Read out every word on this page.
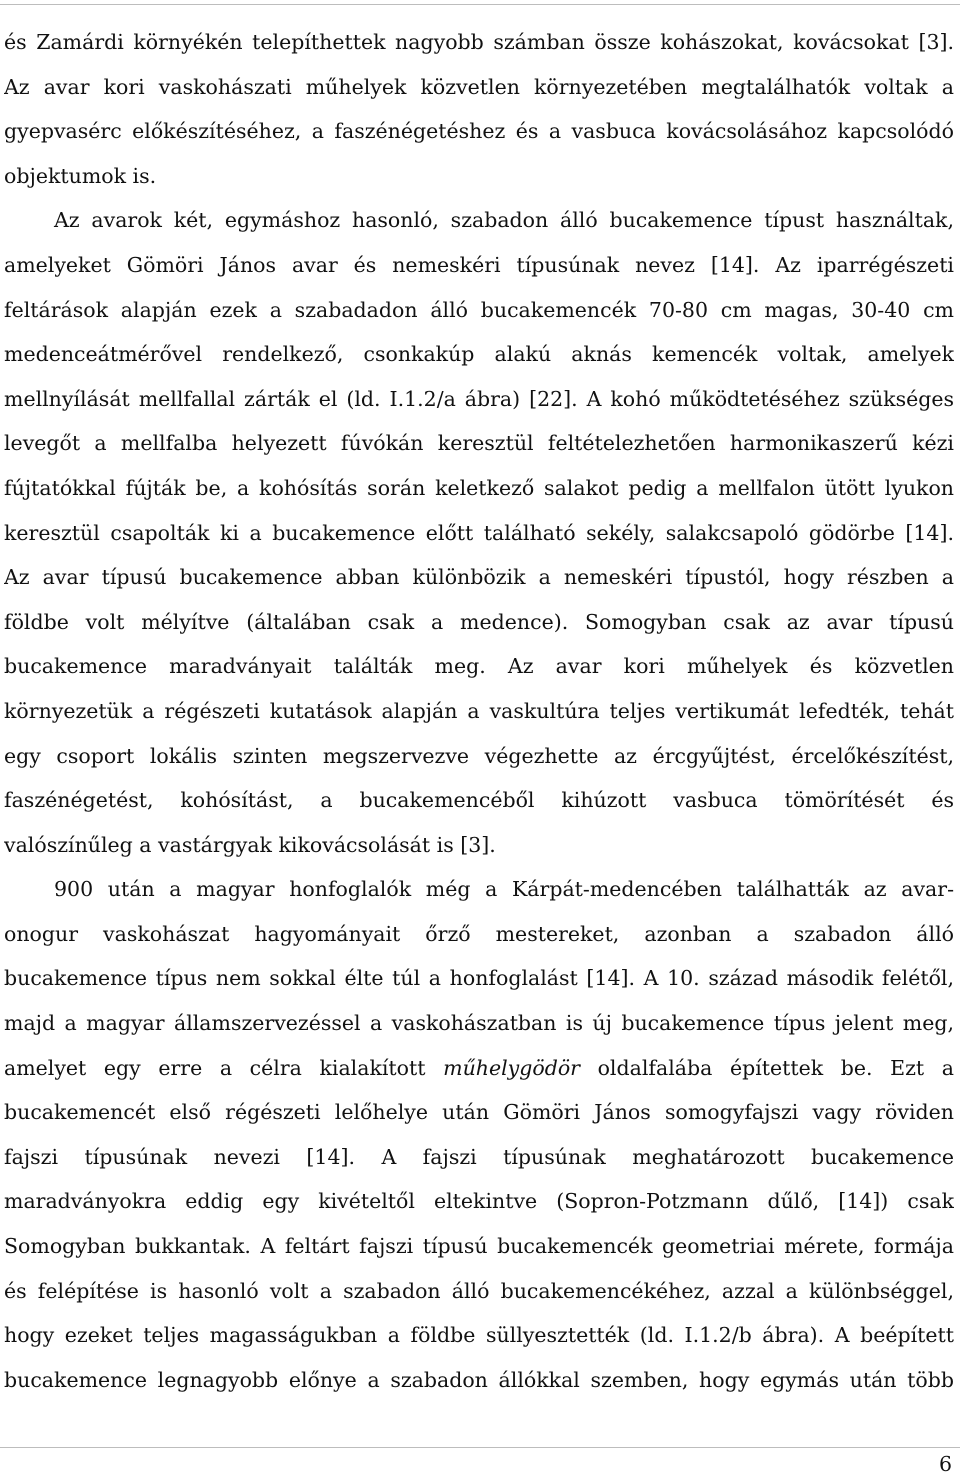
és Zamárdi környékén telepíthettek nagyobb számban össze kohászokat, kovácsokat [3].
Az avar kori vaskohászati műhelyek közvetlen környezetében megtalálhatók voltak a
gyepvasérc előkészítéséhez, a faszénégetéshez és a vasbuca kovácsolásához kapcsolódó
objektumok is.
Az avarok két, egymáshoz hasonló, szabadon álló bucakemence típust használtak,
amelyeket Gömöri János avar és nemeskéri típusúnak nevez [14]. Az iparrégészeti
feltárások alapján ezek a szabadadon álló bucakemencék 70-80 cm magas, 30-40 cm
medenceátmérővel rendelkező, csonkakúp alakú aknás kemencék voltak, amelyek
mellnyílását mellfallal zárták el (ld. I.1.2/a ábra) [22]. A kohó működtetéséhez szükséges
levegőt a mellfalba helyezett fúvókán keresztül feltételezhetően harmonikaszerű kézi
fújtatókkal fújták be, a kohósítás során keletkező salakot pedig a mellfalon ütött lyukon
keresztül csapolták ki a bucakemence előtt található sekély, salakcsapoló gödörbe [14].
Az avar típusú bucakemence abban különbözik a nemeskéri típustól, hogy részben a
földbe volt mélyítve (általában csak a medence). Somogyban csak az avar típusú
bucakemence maradványait találták meg. Az avar kori műhelyek és közvetlen
környezetük a régészeti kutatások alapján a vaskultúra teljes vertikumát lefedték, tehát
egy csoport lokális szinten megszervezve végezhette az ércgyűjtést, ércelőkészítést,
faszénégetést, kohósítást, a bucakemencéből kihúzott vasbuca tömörítését és
valószínűleg a vastárgyak kikovácsolását is [3].
900 után a magyar honfoglalók még a Kárpát-medencében találhatták az avar-
onogur vaskohászat hagyományait őrző mestereket, azonban a szabadon álló
bucakemence típus nem sokkal élte túl a honfoglalást [14]. A 10. század második felétől,
majd a magyar államszervezéssel a vaskohászatban is új bucakemence típus jelent meg,
amelyet egy erre a célra kialakított műhelygödör oldalfalába építettek be. Ezt a
bucakemencét első régészeti lelőhelye után Gömöri János somogyfajszi vagy röviden
fajszi típusúnak nevezi [14]. A fajszi típusúnak meghatározott bucakemence
maradványokra eddig egy kivételtől eltekintve (Sopron-Potzmann dűlő, [14]) csak
Somogyban bukkantak. A feltárt fajszi típusú bucakemencék geometriai mérete, formája
és felépítése is hasonló volt a szabadon álló bucakemencékéhez, azzal a különbséggel,
hogy ezeket teljes magasságukban a földbe süllyesztették (ld. I.1.2/b ábra). A beépített
bucakemence legnagyobb előnye a szabadon állókkal szemben, hogy egymás után több
6
